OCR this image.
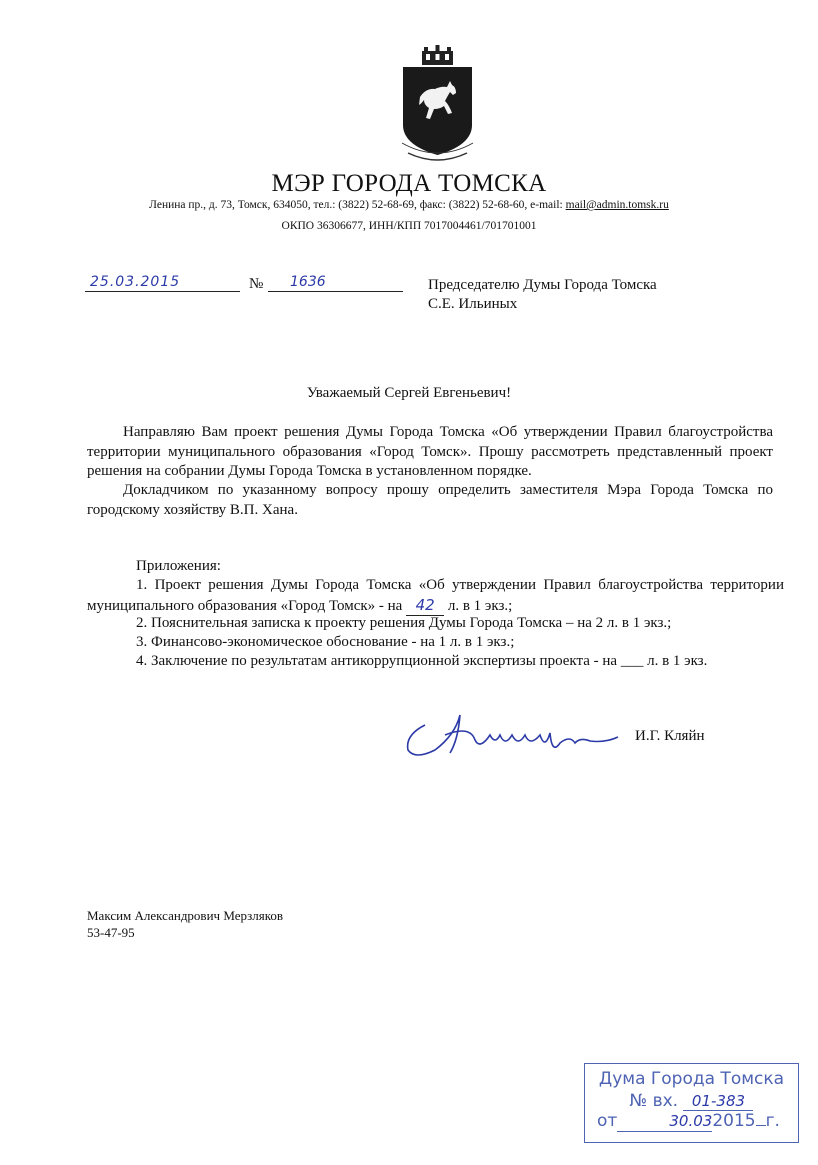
МЭР ГОРОДА ТОМСКА
Ленина пр., д. 73, Томск, 634050, тел.: (3822) 52-68-69, факс: (3822) 52-68-60, e-mail: mail@admin.tomsk.ru
ОКПО 36306677, ИНН/КПП 7017004461/701701001
25.03.2015	№ 1636	Председателю Думы Города Томска
С.Е. Ильиных
Уважаемый Сергей Евгеньевич!
Направляю Вам проект решения Думы Города Томска «Об утверждении Правил благоустройства территории муниципального образования «Город Томск». Прошу рассмотреть представленный проект решения на собрании Думы Города Томска в установленном порядке.
Докладчиком по указанному вопросу прошу определить заместителя Мэра Города Томска по городскому хозяйству В.П. Хана.
Приложения:
1. Проект решения Думы Города Томска «Об утверждении Правил благоустройства территории муниципального образования «Город Томск» - на 42 л. в 1 экз.;
2. Пояснительная записка к проекту решения Думы Города Томска – на 2 л. в 1 экз.;
3. Финансово-экономическое обоснование - на 1 л. в 1 экз.;
4. Заключение по результатам антикоррупционной экспертизы проекта - на ___ л. в 1 экз.
И.Г. Кляйн
Максим Александрович Мерзляков
53-47-95
Дума Города Томска
№ вх. 01-383
от	30.032015 г.
